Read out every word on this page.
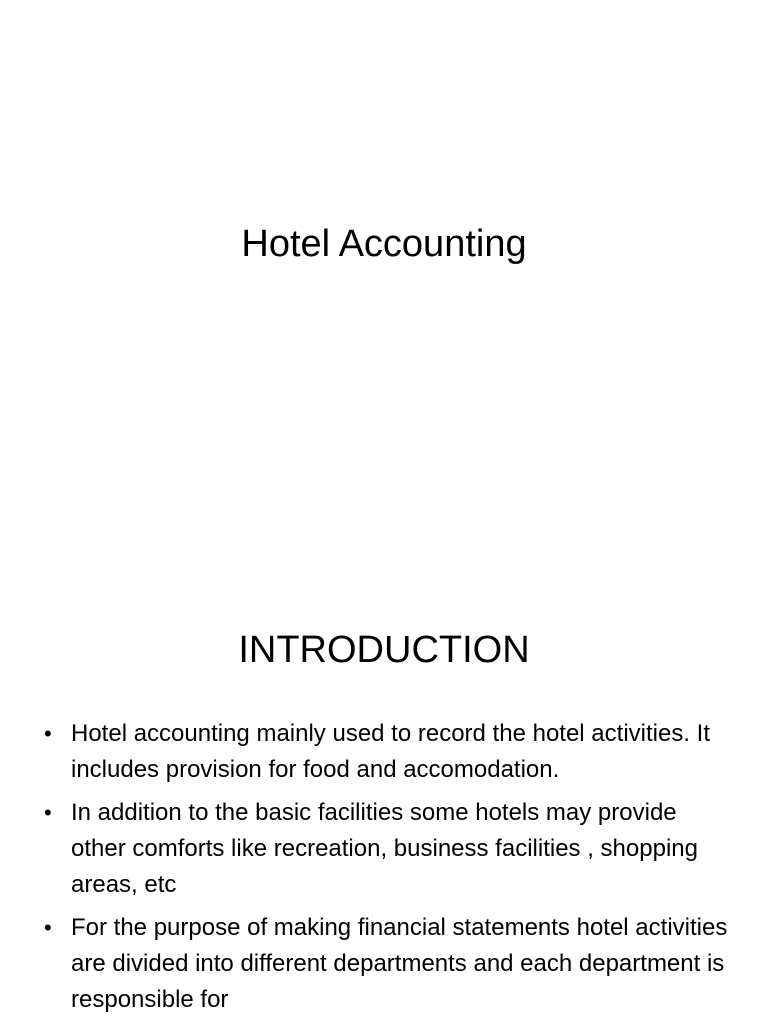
Hotel Accounting
INTRODUCTION
• Hotel accounting mainly used to record the hotel activities. It includes provision for food and accomodation.
• In addition to the basic facilities some hotels may provide other comforts like recreation, business facilities , shopping areas, etc
• For the purpose of making financial statements hotel activities are divided into different departments and each department is responsible for
